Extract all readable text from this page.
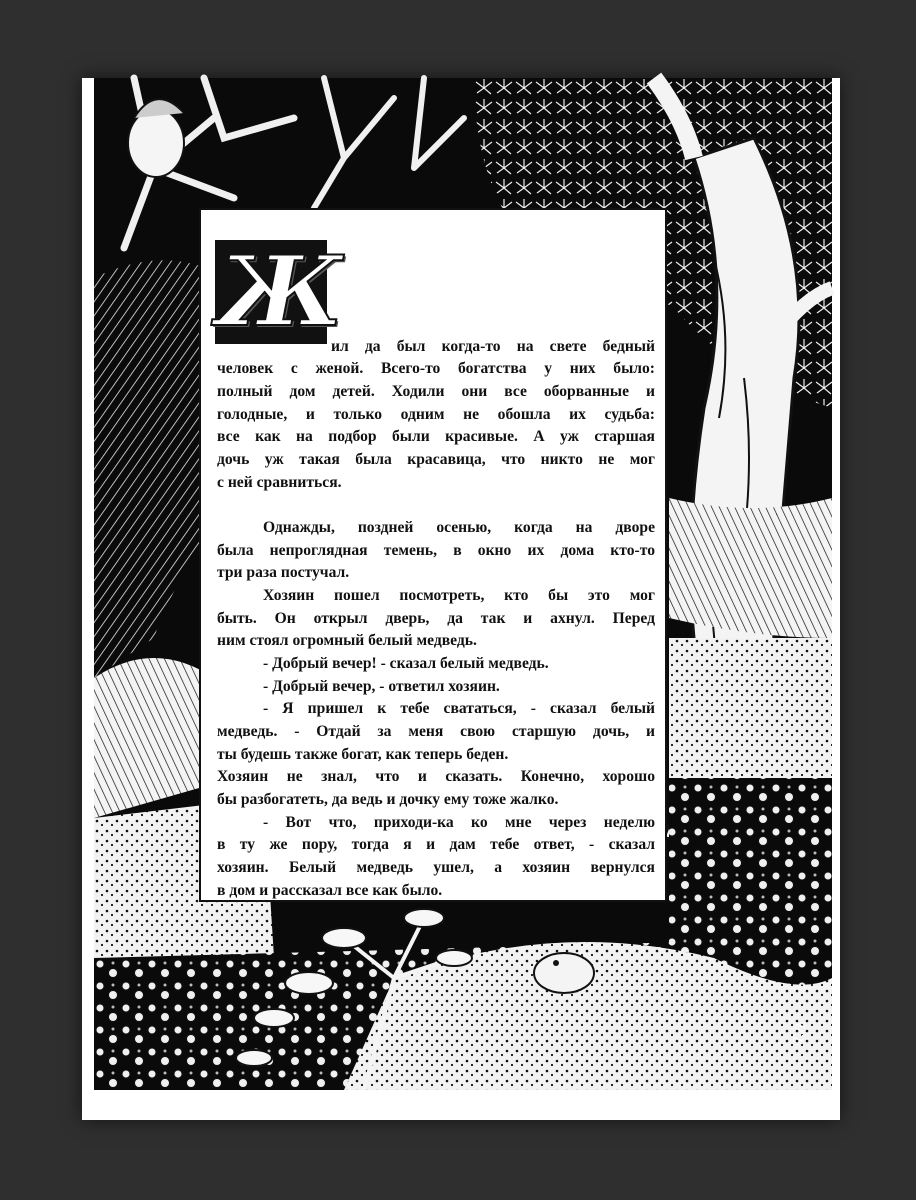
Ж
ил да был когда-то на свете бедный
человек с женой. Всего-то богатства у них было:
полный дом детей. Ходили они все оборванные и
голодные, и только одним не обошла их судьба:
все как на подбор были красивые. А уж старшая
дочь уж такая была красавица, что никто не мог
с ней сравниться.
Однажды, поздней осенью, когда на дворе
была непроглядная темень, в окно их дома кто-то
три раза постучал.
Хозяин пошел посмотреть, кто бы это мог
быть. Он открыл дверь, да так и ахнул. Перед
ним стоял огромный белый медведь.
- Добрый вечер! - сказал белый медведь.
- Добрый вечер, - ответил хозяин.
- Я пришел к тебе свататься, - сказал белый
медведь. - Отдай за меня свою старшую дочь, и
ты будешь также богат, как теперь беден.
Хозяин не знал, что и сказать. Конечно, хорошо
бы разбогатеть, да ведь и дочку ему тоже жалко.
- Вот что, приходи-ка ко мне через неделю
в ту же пору, тогда я и дам тебе ответ, - сказал
хозяин. Белый медведь ушел, а хозяин вернулся
в дом и рассказал все как было.
Т.Л.
